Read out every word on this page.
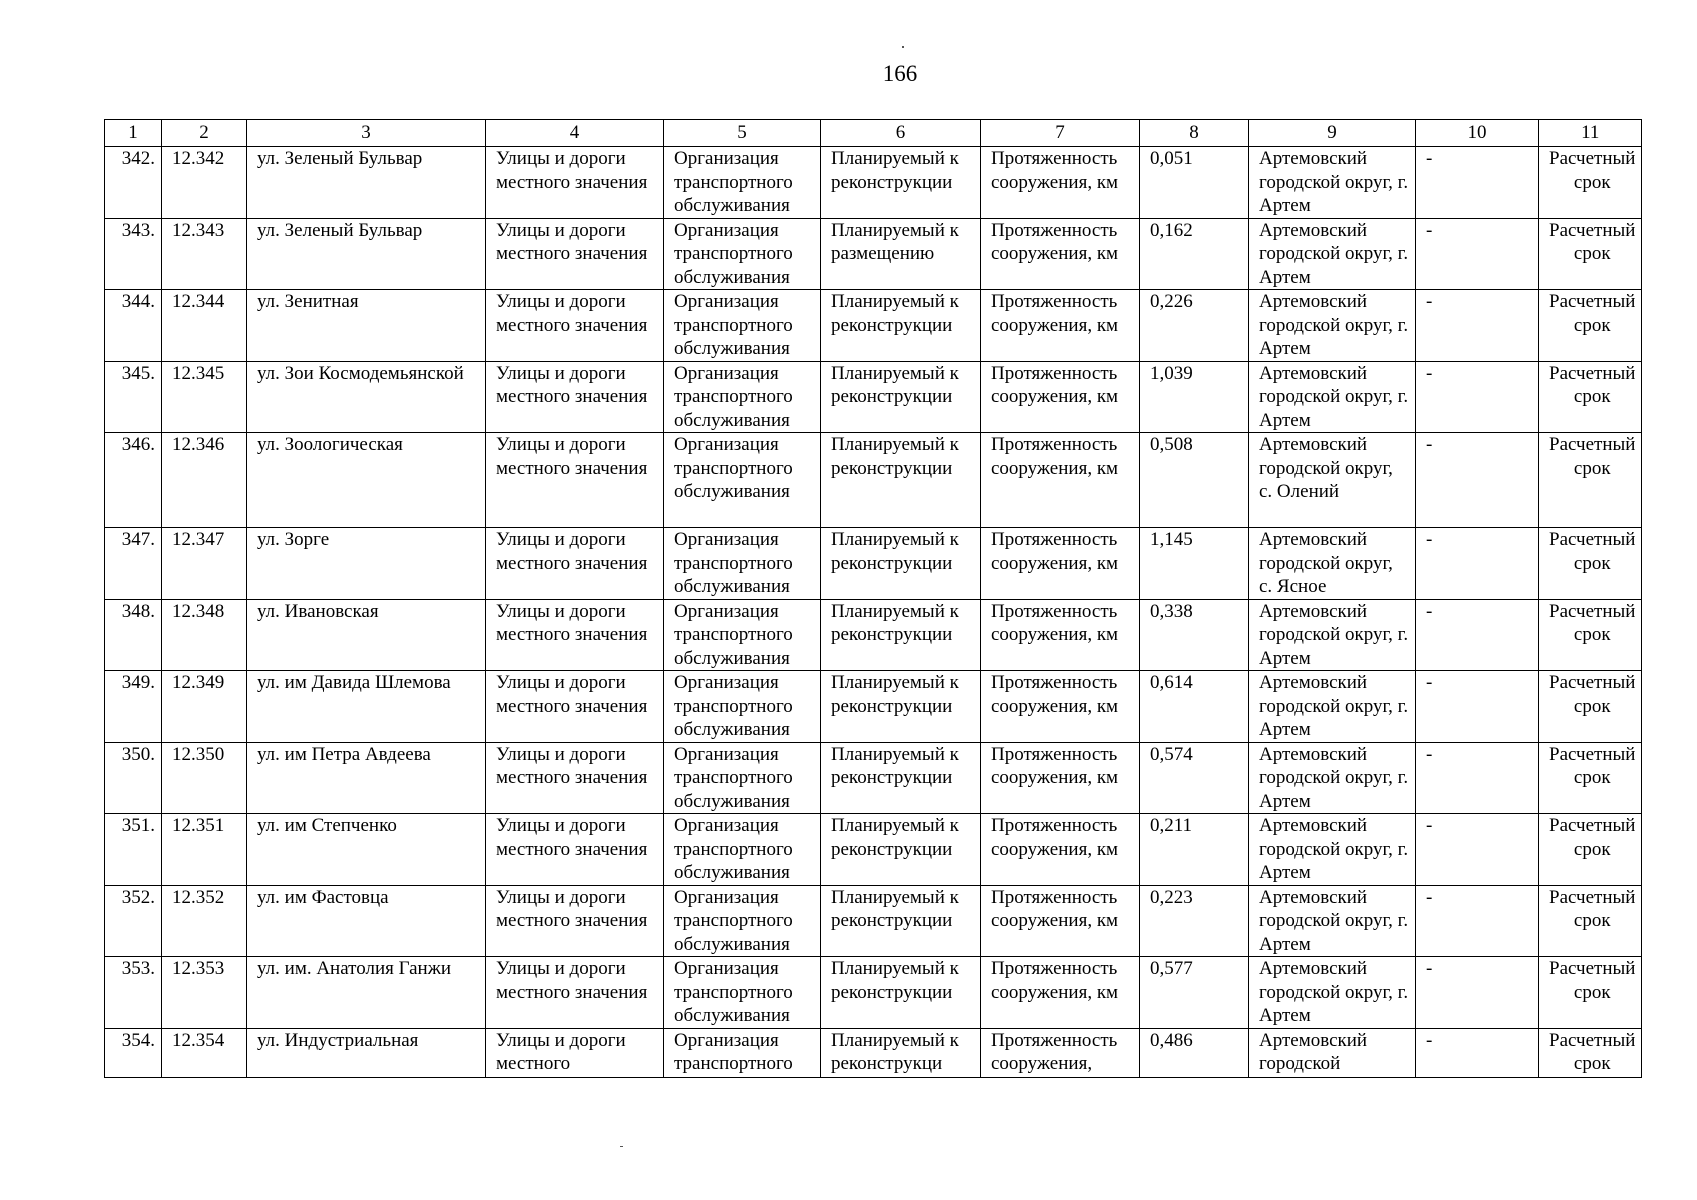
166
1	2	3	4	5	6	7	8	9	10	11
342.	12.342	ул. Зеленый Бульвар	Улицы и дороги местного значения	Организация транспортного обслуживания	Планируемый к реконструкции	Протяженность сооружения, км	0,051	Артемовский городской округ, г. Артем	-	Расчетный срок
343.	12.343	ул. Зеленый Бульвар	Улицы и дороги местного значения	Организация транспортного обслуживания	Планируемый к размещению	Протяженность сооружения, км	0,162	Артемовский городской округ, г. Артем	-	Расчетный срок
344.	12.344	ул. Зенитная	Улицы и дороги местного значения	Организация транспортного обслуживания	Планируемый к реконструкции	Протяженность сооружения, км	0,226	Артемовский городской округ, г. Артем	-	Расчетный срок
345.	12.345	ул. Зои Космодемьянской	Улицы и дороги местного значения	Организация транспортного обслуживания	Планируемый к реконструкции	Протяженность сооружения, км	1,039	Артемовский городской округ, г. Артем	-	Расчетный срок
346.	12.346	ул. Зоологическая	Улицы и дороги местного значения	Организация транспортного обслуживания	Планируемый к реконструкции	Протяженность сооружения, км	0,508	Артемовский городской округ, с. Олений	-	Расчетный срок
347.	12.347	ул. Зорге	Улицы и дороги местного значения	Организация транспортного обслуживания	Планируемый к реконструкции	Протяженность сооружения, км	1,145	Артемовский городской округ, с. Ясное	-	Расчетный срок
348.	12.348	ул. Ивановская	Улицы и дороги местного значения	Организация транспортного обслуживания	Планируемый к реконструкции	Протяженность сооружения, км	0,338	Артемовский городской округ, г. Артем	-	Расчетный срок
349.	12.349	ул. им Давида Шлемова	Улицы и дороги местного значения	Организация транспортного обслуживания	Планируемый к реконструкции	Протяженность сооружения, км	0,614	Артемовский городской округ, г. Артем	-	Расчетный срок
350.	12.350	ул. им Петра Авдеева	Улицы и дороги местного значения	Организация транспортного обслуживания	Планируемый к реконструкции	Протяженность сооружения, км	0,574	Артемовский городской округ, г. Артем	-	Расчетный срок
351.	12.351	ул. им Степченко	Улицы и дороги местного значения	Организация транспортного обслуживания	Планируемый к реконструкции	Протяженность сооружения, км	0,211	Артемовский городской округ, г. Артем	-	Расчетный срок
352.	12.352	ул. им Фастовца	Улицы и дороги местного значения	Организация транспортного обслуживания	Планируемый к реконструкции	Протяженность сооружения, км	0,223	Артемовский городской округ, г. Артем	-	Расчетный срок
353.	12.353	ул. им. Анатолия Ганжи	Улицы и дороги местного значения	Организация транспортного обслуживания	Планируемый к реконструкции	Протяженность сооружения, км	0,577	Артемовский городской округ, г. Артем	-	Расчетный срок
354.	12.354	ул. Индустриальная	Улицы и дороги местного	Организация транспортного	Планируемый к реконструкци	Протяженность сооружения,	0,486	Артемовский городской	-	Расчетный срок
